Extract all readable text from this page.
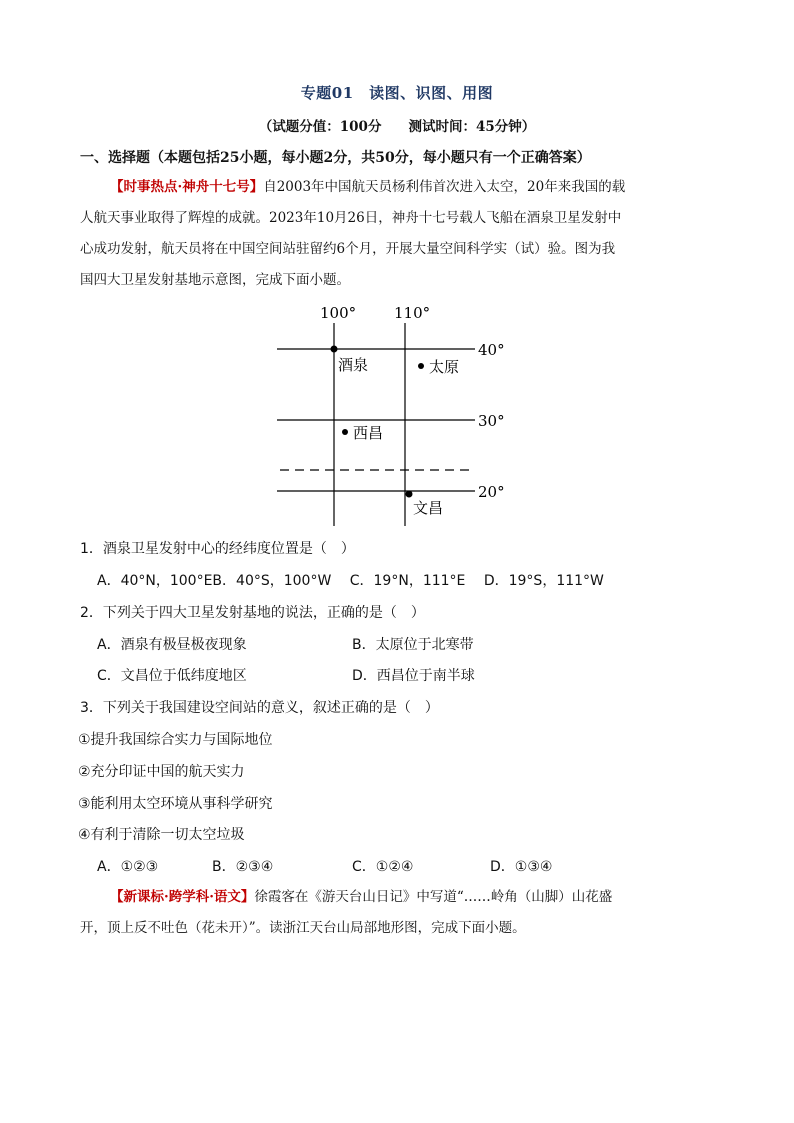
专题01　读图、识图、用图
（试题分值：100分　　测试时间：45分钟）
一、选择题（本题包括25小题，每小题2分，共50分，每小题只有一个正确答案）
【时事热点·神舟十七号】自2003年中国航天员杨利伟首次进入太空，20年来我国的载
人航天事业取得了辉煌的成就。2023年10月26日，神舟十七号载人飞船在酒泉卫星发射中
心成功发射，航天员将在中国空间站驻留约6个月，开展大量空间科学实（试）验。图为我
国四大卫星发射基地示意图，完成下面小题。
100°	110°
40°
30°
20°
酒泉	太原
西昌
文昌
1．酒泉卫星发射中心的经纬度位置是（　）
A．40°N，100°EB．40°S，100°W　 C．19°N，111°E　 D．19°S，111°W
2．下列关于四大卫星发射基地的说法，正确的是（　）
A．酒泉有极昼极夜现象	B．太原位于北寒带
C．文昌位于低纬度地区	D．西昌位于南半球
3．下列关于我国建设空间站的意义，叙述正确的是（　）
①提升我国综合实力与国际地位
②充分印证中国的航天实力
③能利用太空环境从事科学研究
④有利于清除一切太空垃圾
A．①②③	B．②③④	C．①②④	D．①③④
【新课标·跨学科·语文】徐霞客在《游天台山日记》中写道“……岭角（山脚）山花盛
开，顶上反不吐色（花未开）”。读浙江天台山局部地形图，完成下面小题。
